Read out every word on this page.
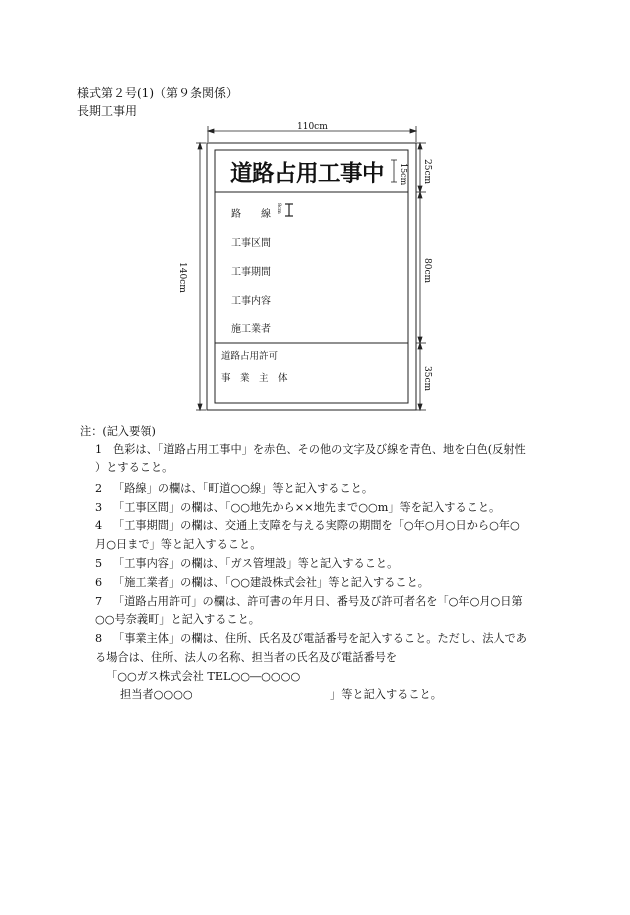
様式第２号(1)（第９条関係）
長期工事用
110cm
140cm
25cm
80cm
35cm
15cm
8cm
道路占用工事中
路　　線
工事区間
工事期間
工事内容
施工業者
道路占用許可
事　業　主　体
注：(記入要領)
1 色彩は、「道路占用工事中」を赤色、その他の文字及び線を青色、地を白色(反射性
）とすること。
2 「路線」の欄は、「町道○○線」等と記入すること。
3 「工事区間」の欄は、「○○地先から××地先まで○○m」等を記入すること。
4 「工事期間」の欄は、交通上支障を与える実際の期間を「○年○月○日から○年○
月○日まで」等と記入すること。
5 「工事内容」の欄は、「ガス管埋設」等と記入すること。
6 「施工業者」の欄は、「○○建設株式会社」等と記入すること。
7 「道路占用許可」の欄は、許可書の年月日、番号及び許可者名を「○年○月○日第
○○号奈義町」と記入すること。
8 「事業主体」の欄は、住所、氏名及び電話番号を記入すること。ただし、法人であ
る場合は、住所、法人の名称、担当者の氏名及び電話番号を
「○○ガス株式会社 TEL○○―○○○○
担当者○○○○	」等と記入すること。
